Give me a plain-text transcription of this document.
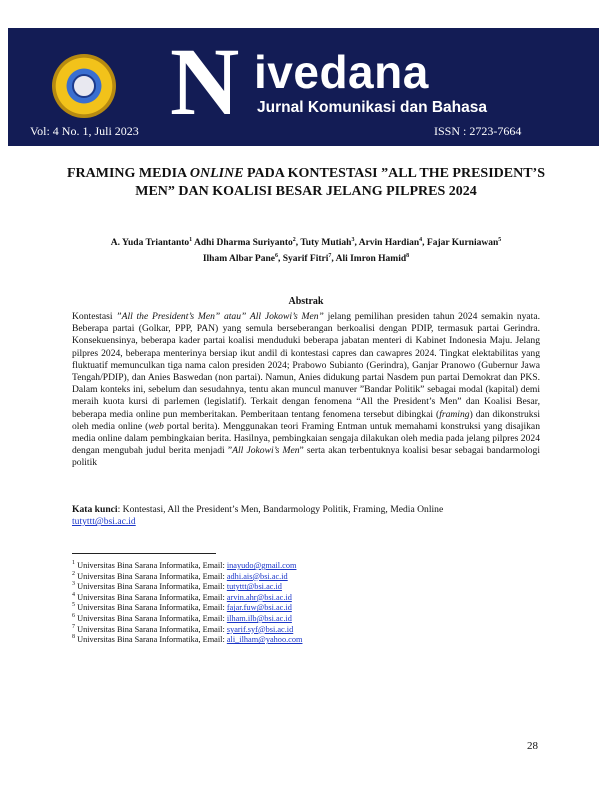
N ivedana
Jurnal Komunikasi dan Bahasa
Vol: 4 No. 1, Juli 2023	ISSN : 2723-7664
FRAMING MEDIA ONLINE PADA KONTESTASI ”ALL THE PRESIDENT’S MEN” DAN KOALISI BESAR JELANG PILPRES 2024
A. Yuda Triantanto$^1$ Adhi Dharma Suriyanto$^2$, Tuty Mutiah$^3$, Arvin Hardian$^4$, Fajar Kurniawan$^5$
Ilham Albar Pane$^6$, Syarif Fitri$^7$, Ali Imron Hamid$^8$
Abstrak
Kontestasi ”All the President’s Men” atau” All Jokowi’s Men” jelang pemilihan presiden tahun 2024 semakin nyata. Beberapa partai (Golkar, PPP, PAN) yang semula berseberangan berkoalisi dengan PDIP, termasuk partai Gerindra. Konsekuensinya, beberapa kader partai koalisi menduduki beberapa jabatan menteri di Kabinet Indonesia Maju. Jelang pilpres 2024, beberapa menterinya bersiap ikut andil di kontestasi capres dan cawapres 2024. Tingkat elektabilitas yang fluktuatif memunculkan tiga nama calon presiden 2024; Prabowo Subianto (Gerindra), Ganjar Pranowo (Gubernur Jawa Tengah/PDIP), dan Anies Baswedan (non partai). Namun, Anies didukung partai Nasdem pun partai Demokrat dan PKS. Dalam konteks ini, sebelum dan sesudahnya, tentu akan muncul manuver ”Bandar Politik” sebagai modal (kapital) demi meraih kuota kursi di parlemen (legislatif). Terkait dengan fenomena “All the President’s Men” dan Koalisi Besar, beberapa media online pun memberitakan. Pemberitaan tentang fenomena tersebut dibingkai (framing) dan dikonstruksi oleh media online (web portal berita). Menggunakan teori Framing Entman untuk memahami konstruksi yang disajikan media online dalam pembingkaian berita. Hasilnya, pembingkaian sengaja dilakukan oleh media pada jelang pilpres 2024 dengan mengubah judul berita menjadi ”All Jokowi’s Men” serta akan terbentuknya koalisi besar sebagai bandarmologi politik
Kata kunci: Kontestasi, All the President’s Men, Bandarmology Politik, Framing, Media Online
tutyttt@bsi.ac.id
$^1$ Universitas Bina Sarana Informatika, Email: inayudo@gmail.com
$^2$ Universitas Bina Sarana Informatika, Email: adhi.ais@bsi.ac.id
$^3$ Universitas Bina Sarana Informatika, Email: tutyttt@bsi.ac.id
$^4$ Universitas Bina Sarana Informatika, Email: arvin.ahr@bsi.ac.id
$^5$ Universitas Bina Sarana Informatika, Email: fajar.fuw@bsi.ac.id
$^6$ Universitas Bina Sarana Informatika, Email: ilham.ilb@bsi.ac.id
$^7$ Universitas Bina Sarana Informatika, Email: syarif.syf@bsi.ac.id
$^8$ Universitas Bina Sarana Informatika, Email: ali_ilham@yahoo.com
28
